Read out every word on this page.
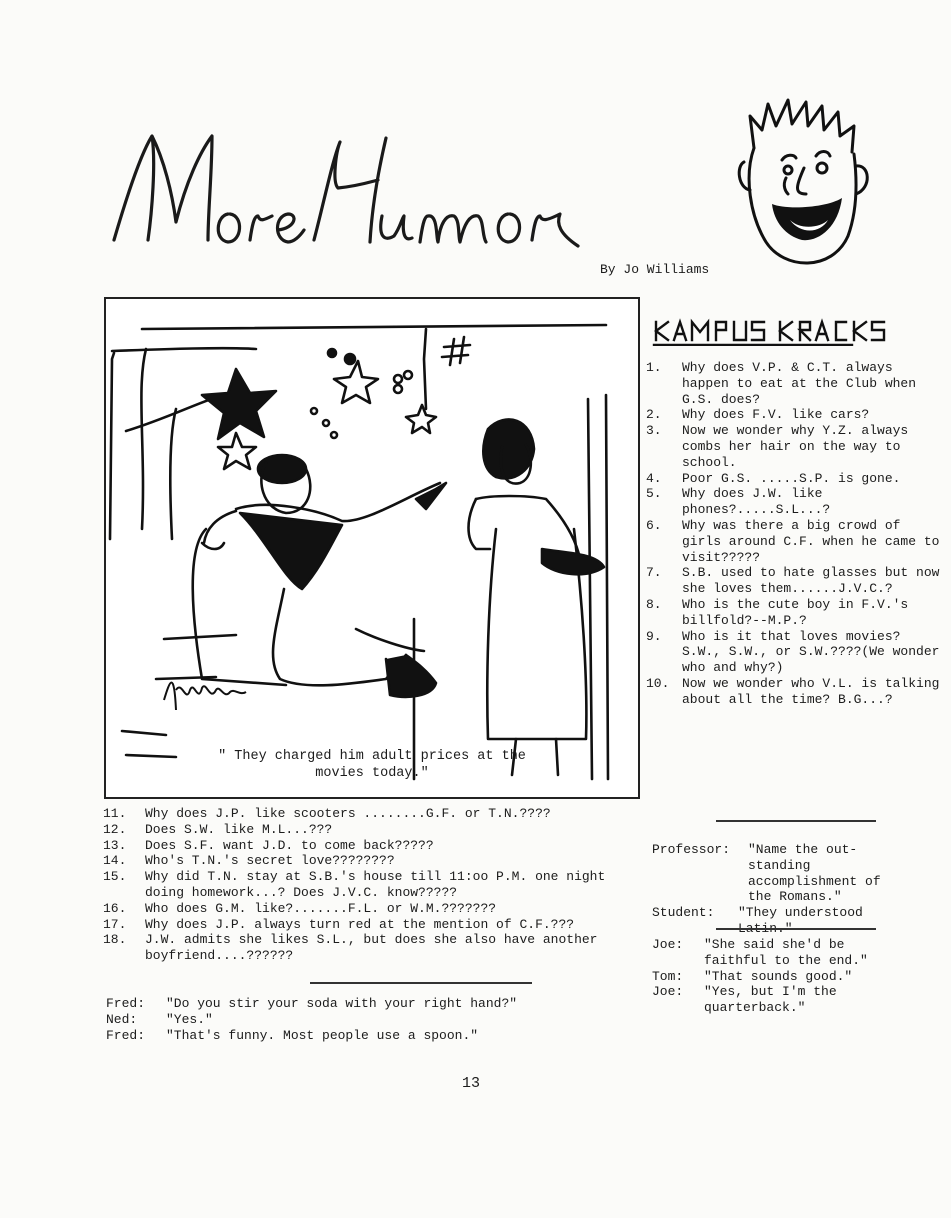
By Jo Williams
" They charged him adult prices at the
movies today."
1.	Why does V.P. & C.T. always happen to eat at the Club when G.S. does?
2.	Why does F.V. like cars?
3.	Now we wonder why Y.Z. always combs her hair on the way to school.
4.	Poor G.S. .....S.P. is gone.
5.	Why does J.W. like phones?.....S.L...?
6.	Why was there a big crowd of girls around C.F. when he came to visit?????
7.	S.B. used to hate glasses but now she loves them......J.V.C.?
8.	Who is the cute boy in F.V.'s billfold?--M.P.?
9.	Who is it that loves movies? S.W., S.W., or S.W.????(We wonder who and why?)
10. Now we wonder who V.L. is talking about all the time? B.G...?
11.	Why does J.P. like scooters ........G.F. or T.N.????
12.	Does S.W. like M.L...???
13.	Does S.F. want J.D. to come back?????
14.	Who's T.N.'s secret love????????
15.	Why did T.N. stay at S.B.'s house till 11:oo P.M. one night doing homework...? Does J.V.C. know?????
16.	Who does G.M. like?.......F.L. or W.M.???????
17.	Why does J.P. always turn red at the mention of C.F.???
18.	J.W. admits she likes S.L., but does she also have another boyfriend....??????
Professor:	"Name the out-standing accomplishment of the Romans."
Student:	"They understood Latin."
Joe:	"She said she'd be faithful to the end."
Tom:	"That sounds good."
Joe:	"Yes, but I'm the quarterback."
Fred:	"Do you stir your soda with your right hand?"
Ned:	"Yes."
Fred:	"That's funny. Most people use a spoon."
13
